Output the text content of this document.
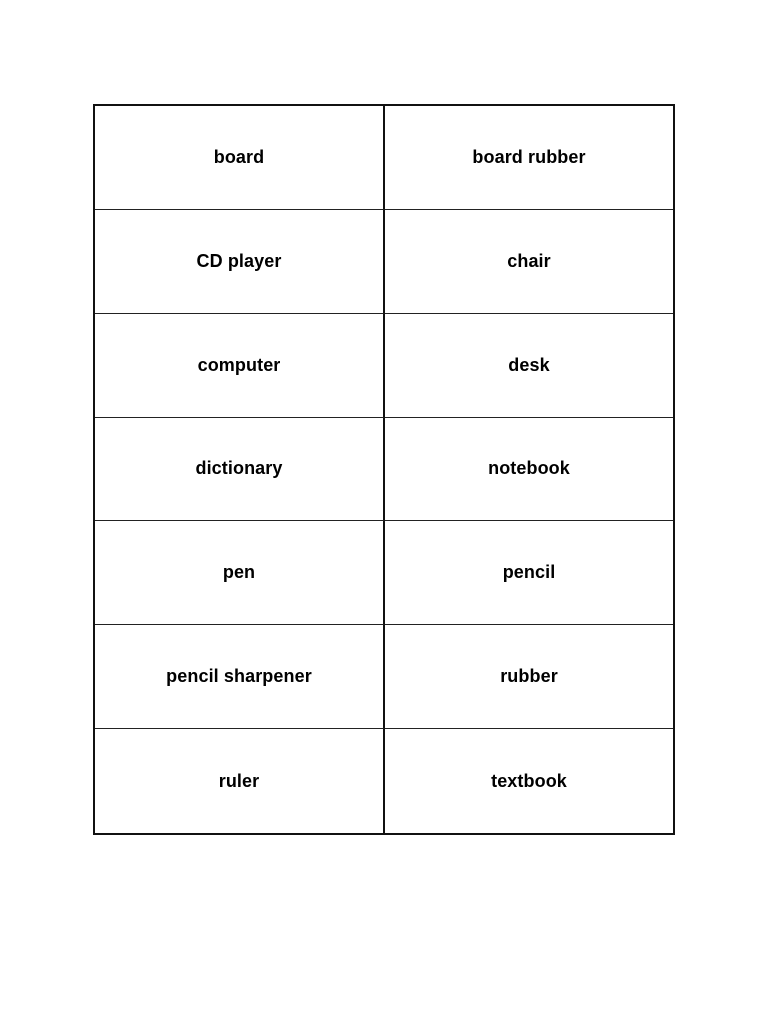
board	board rubber
CD player	chair
computer	desk
dictionary	notebook
pen	pencil
pencil sharpener	rubber
ruler	textbook
